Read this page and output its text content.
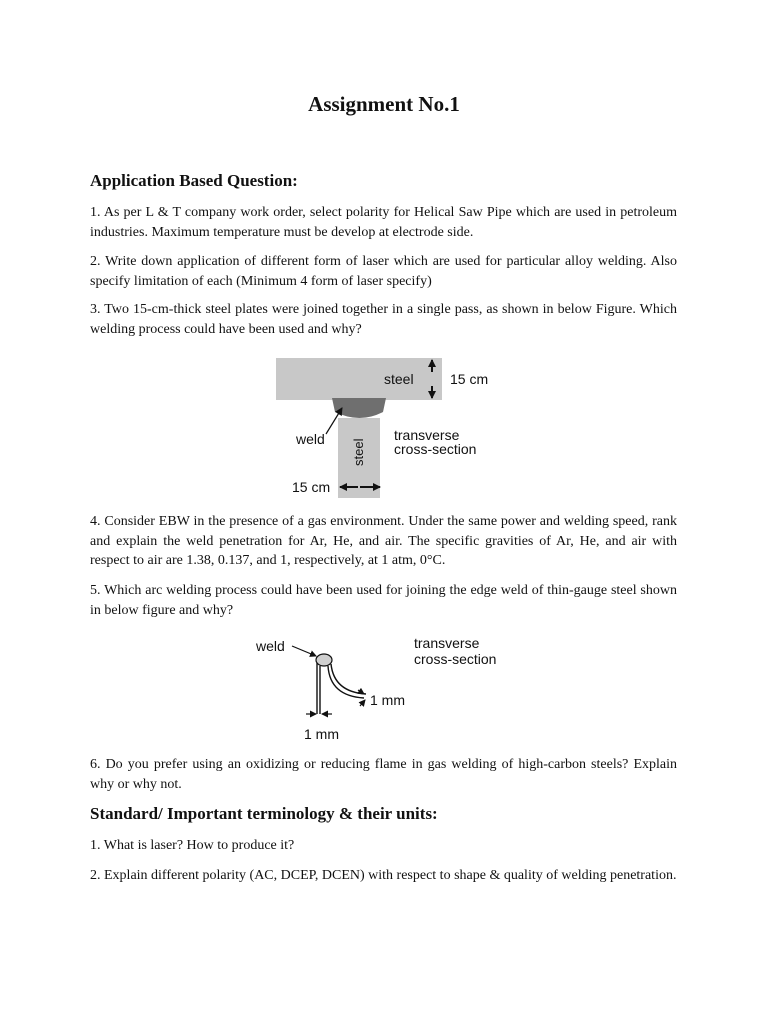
Assignment No.1
Application Based Question:

1. As per L & T company work order, select polarity for Helical Saw Pipe which are used in petroleum industries. Maximum temperature must be develop at electrode side.

2. Write down application of different form of laser which are used for particular alloy welding. Also specify limitation of each (Minimum 4 form of laser specify)

3. Two 15-cm-thick steel plates were joined together in a single pass, as shown in below Figure. Which welding process could have been used and why?

steel	15 cm
weld steel
transverse
cross-section
15 cm

4. Consider EBW in the presence of a gas environment. Under the same power and welding speed, rank and explain the weld penetration for Ar, He, and air. The specific gravities of Ar, He, and air with respect to air are 1.38, 0.137, and 1, respectively, at 1 atm, 0°C.

5. Which arc welding process could have been used for joining the edge weld of thin-gauge steel shown in below figure and why?

weld
1 mm
1 mm
transverse
cross-section

6. Do you prefer using an oxidizing or reducing flame in gas welding of high-carbon steels? Explain why or why not.

Standard/ Important terminology & their units:

1. What is laser? How to produce it?

2. Explain different polarity (AC, DCEP, DCEN) with respect to shape & quality of welding penetration.
